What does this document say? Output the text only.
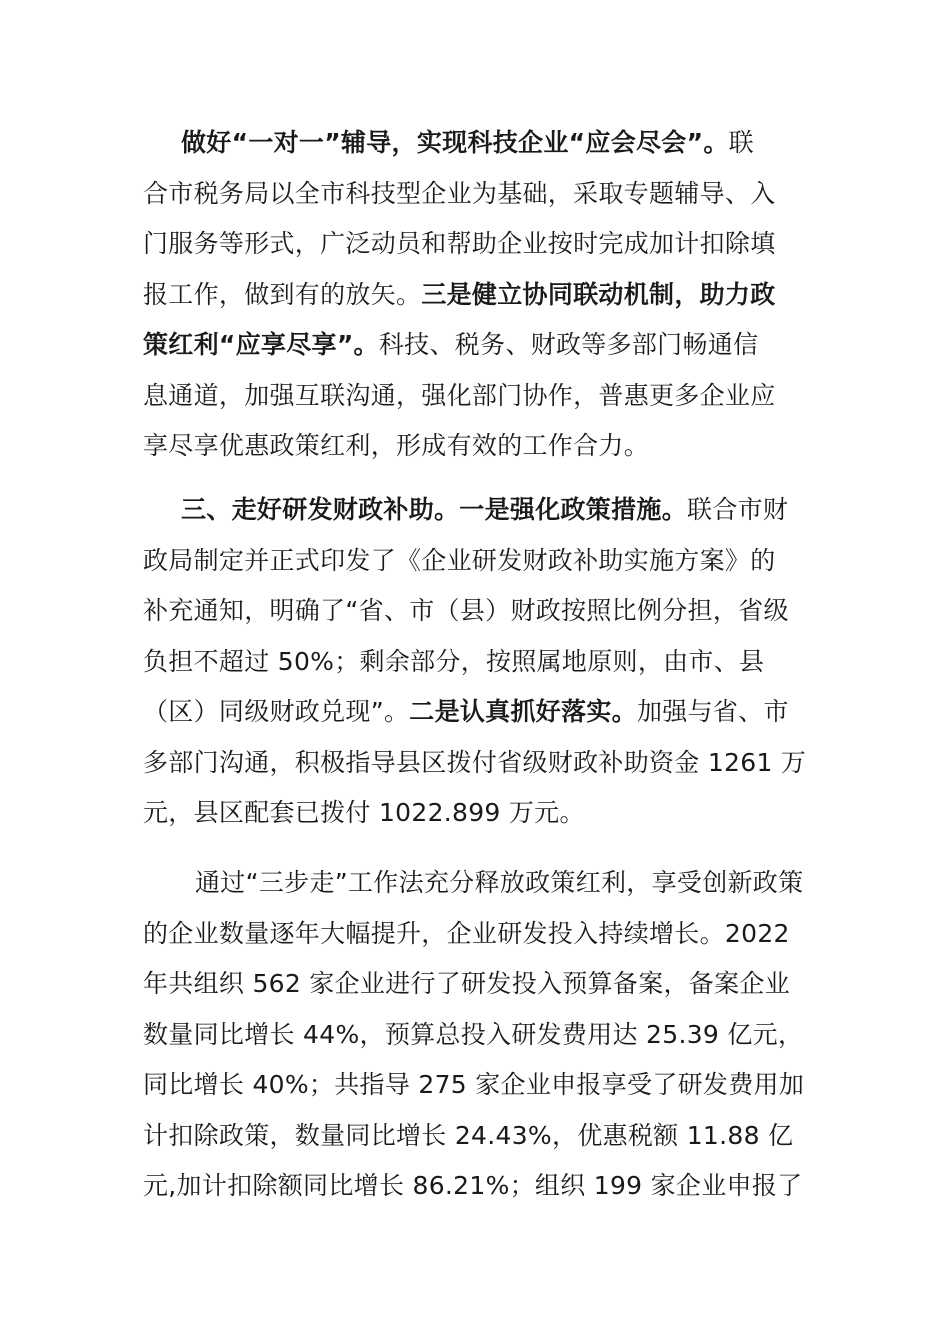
做好“一对一”辅导，实现科技企业“应会尽会”。联
合市税务局以全市科技型企业为基础，采取专题辅导、入
门服务等形式，广泛动员和帮助企业按时完成加计扣除填
报工作，做到有的放矢。三是健立协同联动机制，助力政
策红利“应享尽享”。科技、税务、财政等多部门畅通信
息通道，加强互联沟通，强化部门协作，普惠更多企业应
享尽享优惠政策红利，形成有效的工作合力。
三、走好研发财政补助。一是强化政策措施。联合市财
政局制定并正式印发了《企业研发财政补助实施方案》的
补充通知，明确了“省、市（县）财政按照比例分担，省级
负担不超过 50%；剩余部分，按照属地原则，由市、县
（区）同级财政兑现”。二是认真抓好落实。加强与省、市
多部门沟通，积极指导县区拨付省级财政补助资金 1261 万
元，县区配套已拨付 1022.899 万元。
通过“三步走”工作法充分释放政策红利，享受创新政策
的企业数量逐年大幅提升，企业研发投入持续增长。2022
年共组织 562 家企业进行了研发投入预算备案，备案企业
数量同比增长 44%，预算总投入研发费用达 25.39 亿元，
同比增长 40%；共指导 275 家企业申报享受了研发费用加
计扣除政策，数量同比增长 24.43%，优惠税额 11.88 亿
元,加计扣除额同比增长 86.21%；组织 199 家企业申报了
